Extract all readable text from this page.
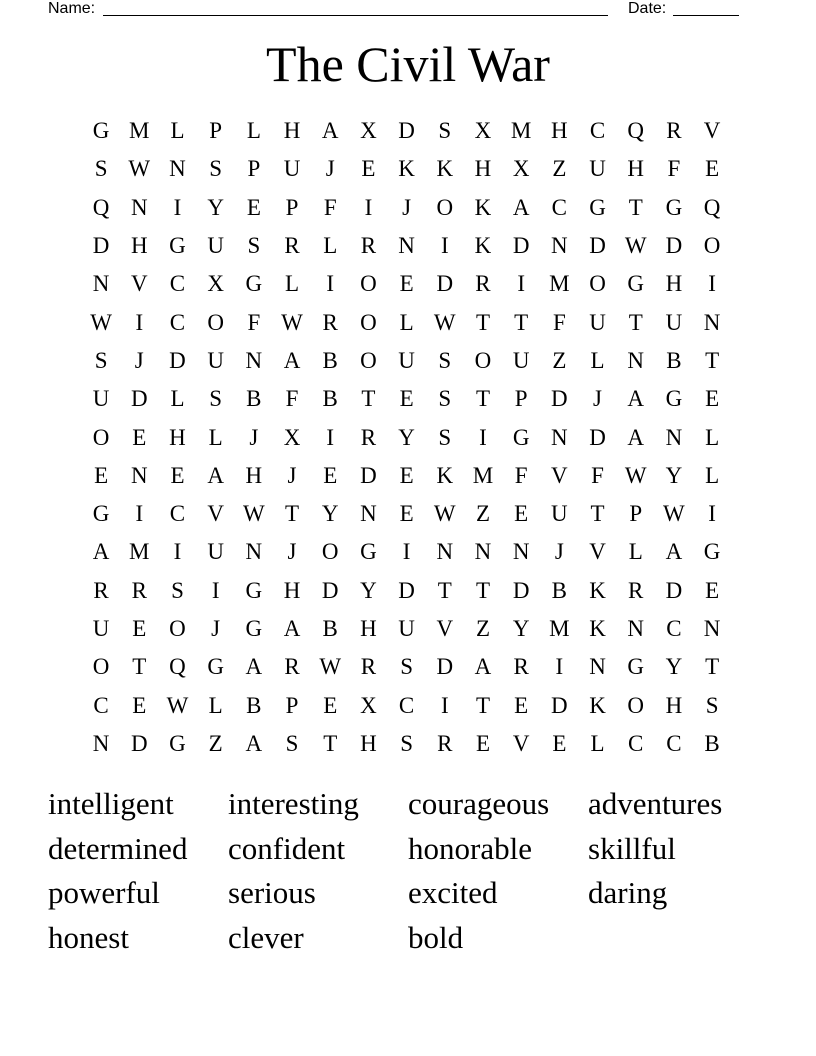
Name:	Date:
The Civil War
G M L	P	L H A X D	S	X M H C Q R V
S W N	S	P	U	J	E K K H X Z U H	F	E
Q N	I	Y E	P	F	I	J	O K A C G T G Q
D H G U	S	R	L	R N	I	K D N D W D O
N V C X G L	I	O E D R	I	M O G H	I
W	I	C O	F W R O L W T	T	F	U T U N
S	J	D U N A B O U	S	O U Z	L N B	T
U D L	S	B	F	B	T	E	S	T	P	D	J	A G E
O E H L	J	X	I	R Y	S	I	G N D A N L
E N E A H	J	E D E K M F	V	F W Y L
G	I	C V W T Y N E W Z	E U T	P W	I
A M	I	U N	J	O G	I	N N N	J	V L A G
R R	S	I	G H D Y D T	T D B K R D E
U E O	J	G A B H U V Z Y M K N C N
O T Q G A R W R	S	D A R	I	N G Y T
C	E W L	B	P	E X C	I	T	E D K O H	S
N D G Z A	S	T H	S	R	E V E	L	C C B
intelligent	interesting	courageous	adventures
determined	confident	honorable	skillful
powerful	serious	excited	daring
honest	clever	bold
